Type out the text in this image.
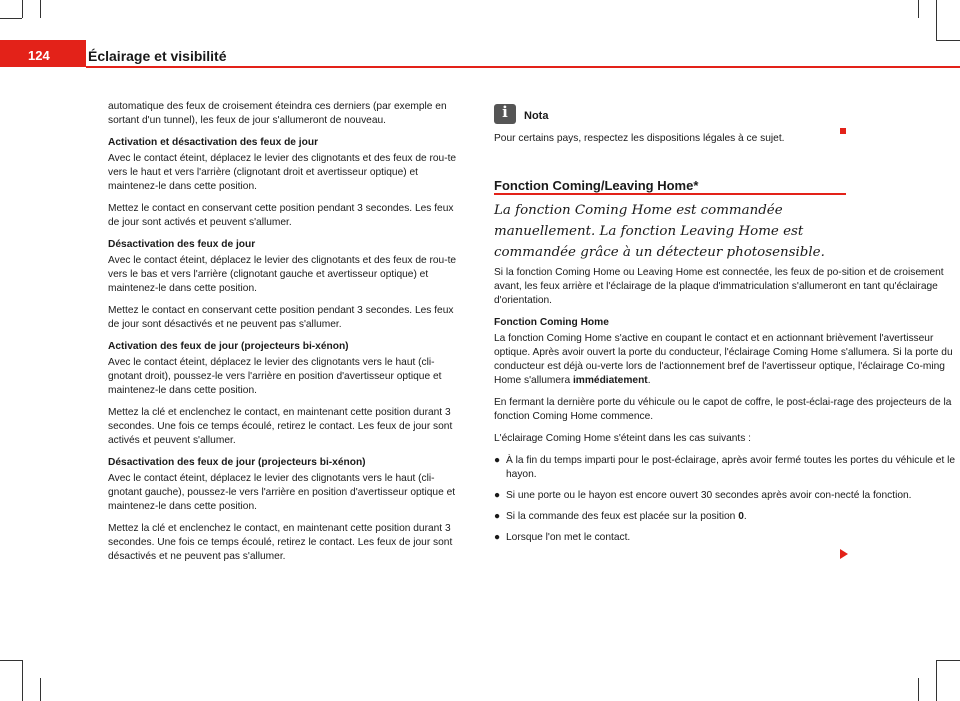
124	Éclairage et visibilité

automatique des feux de croisement éteindra ces derniers (par exemple en sortant d'un tunnel), les feux de jour s'allumeront de nouveau.

Activation et désactivation des feux de jour

Avec le contact éteint, déplacez le levier des clignotants et des feux de rou-te vers le haut et vers l'arrière (clignotant droit et avertisseur optique) et maintenez-le dans cette position.

Mettez le contact en conservant cette position pendant 3 secondes. Les feux de jour sont activés et peuvent s'allumer.

Désactivation des feux de jour

Avec le contact éteint, déplacez le levier des clignotants et des feux de rou-te vers le bas et vers l'arrière (clignotant gauche et avertisseur optique) et maintenez-le dans cette position.

Mettez le contact en conservant cette position pendant 3 secondes. Les feux de jour sont désactivés et ne peuvent pas s'allumer.

Activation des feux de jour (projecteurs bi-xénon)

Avec le contact éteint, déplacez le levier des clignotants vers le haut (cli-gnotant droit), poussez-le vers l'arrière en position d'avertisseur optique et maintenez-le dans cette position.

Mettez la clé et enclenchez le contact, en maintenant cette position durant 3 secondes. Une fois ce temps écoulé, retirez le contact. Les feux de jour sont activés et peuvent s'allumer.

Désactivation des feux de jour (projecteurs bi-xénon)

Avec le contact éteint, déplacez le levier des clignotants vers le haut (cli-gnotant gauche), poussez-le vers l'arrière en position d'avertisseur optique et maintenez-le dans cette position.

Mettez la clé et enclenchez le contact, en maintenant cette position durant 3 secondes. Une fois ce temps écoulé, retirez le contact. Les feux de jour sont désactivés et ne peuvent pas s'allumer.

i	Nota

Pour certains pays, respectez les dispositions légales à ce sujet.

Fonction Coming/Leaving Home*
La fonction Coming Home est commandée manuellement. La fonction Leaving Home est commandée grâce à un détecteur photosensible.

Si la fonction Coming Home ou Leaving Home est connectée, les feux de po-sition et de croisement avant, les feux arrière et l'éclairage de la plaque d'immatriculation s'allumeront en tant qu'éclairage d'orientation.

Fonction Coming Home

La fonction Coming Home s'active en coupant le contact et en actionnant brièvement l'avertisseur optique. Après avoir ouvert la porte du conducteur, l'éclairage Coming Home s'allumera. Si la porte du conducteur est déjà ou-verte lors de l'actionnement bref de l'avertisseur optique, l'éclairage Co-ming Home s'allumera immédiatement.

En fermant la dernière porte du véhicule ou le capot de coffre, le post-éclai-rage des projecteurs de la fonction Coming Home commence.

L'éclairage Coming Home s'éteint dans les cas suivants :

● À la fin du temps imparti pour le post-éclairage, après avoir fermé toutes les portes du véhicule et le hayon.
● Si une porte ou le hayon est encore ouvert 30 secondes après avoir con-necté la fonction.
● Si la commande des feux est placée sur la position 0.
● Lorsque l'on met le contact.
